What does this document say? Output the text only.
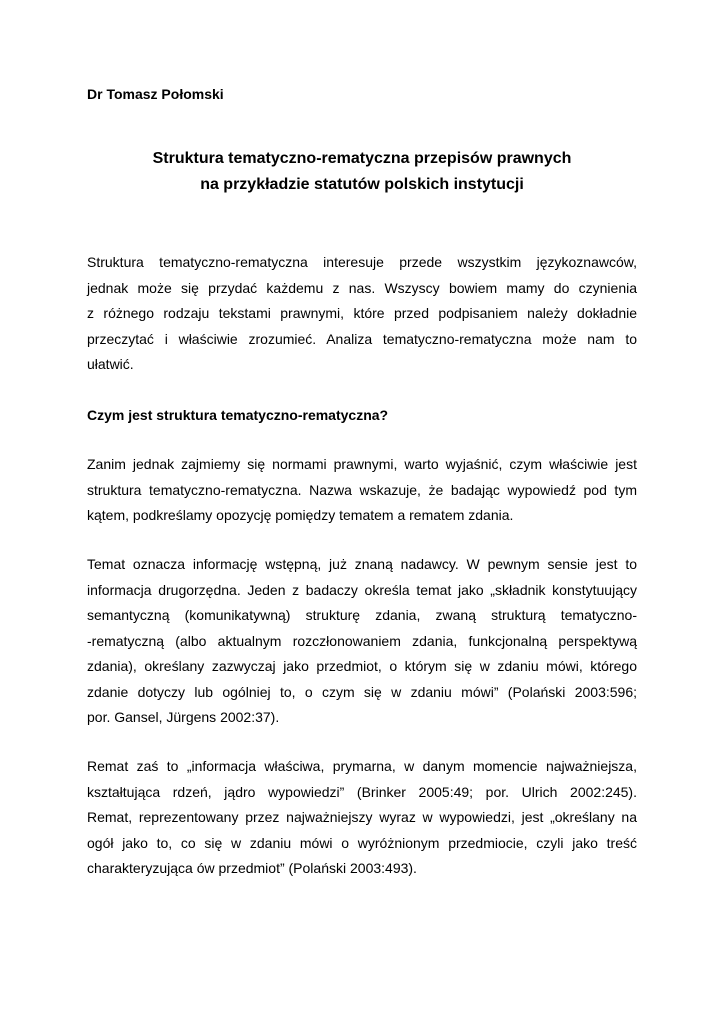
Dr Tomasz Połomski
Struktura tematyczno-rematyczna przepisów prawnych
na przykładzie statutów polskich instytucji
Struktura tematyczno-rematyczna interesuje przede wszystkim językoznawców,
jednak może się przydać każdemu z nas. Wszyscy bowiem mamy do czynienia
z różnego rodzaju tekstami prawnymi, które przed podpisaniem należy dokładnie
przeczytać i właściwie zrozumieć. Analiza tematyczno-rematyczna może nam to
ułatwić.
Czym jest struktura tematyczno-rematyczna?
Zanim jednak zajmiemy się normami prawnymi, warto wyjaśnić, czym właściwie jest
struktura tematyczno-rematyczna. Nazwa wskazuje, że badając wypowiedź pod tym
kątem, podkreślamy opozycję pomiędzy tematem a rematem zdania.
Temat oznacza informację wstępną, już znaną nadawcy. W pewnym sensie jest to
informacja drugorzędna. Jeden z badaczy określa temat jako „składnik konstytuujący
semantyczną (komunikatywną) strukturę zdania, zwaną strukturą tematyczno-
-rematyczną (albo aktualnym rozczłonowaniem zdania, funkcjonalną perspektywą
zdania), określany zazwyczaj jako przedmiot, o którym się w zdaniu mówi, którego
zdanie dotyczy lub ogólniej to, o czym się w zdaniu mówi” (Polański 2003:596;
por. Gansel, Jürgens 2002:37).
Remat zaś to „informacja właściwa, prymarna, w danym momencie najważniejsza,
kształtująca rdzeń, jądro wypowiedzi” (Brinker 2005:49; por. Ulrich 2002:245).
Remat, reprezentowany przez najważniejszy wyraz w wypowiedzi, jest „określany na
ogół jako to, co się w zdaniu mówi o wyróżnionym przedmiocie, czyli jako treść
charakteryzująca ów przedmiot” (Polański 2003:493).
